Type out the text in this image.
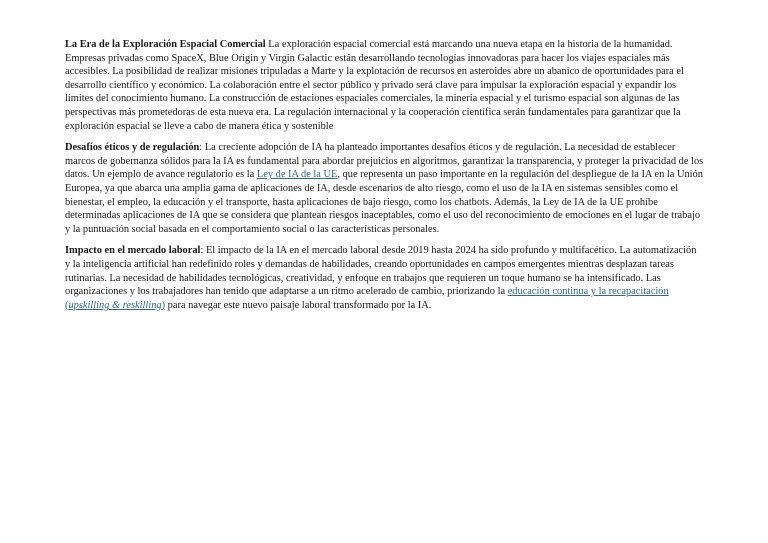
La Era de la Exploración Espacial Comercial La exploración espacial comercial está marcando una nueva etapa en la historia de la humanidad. Empresas privadas como SpaceX, Blue Origin y Virgin Galactic están desarrollando tecnologías innovadoras para hacer los viajes espaciales más accesibles. La posibilidad de realizar misiones tripuladas a Marte y la explotación de recursos en asteroides abre un abanico de oportunidades para el desarrollo científico y económico. La colaboración entre el sector público y privado será clave para impulsar la exploración espacial y expandir los límites del conocimiento humano. La construcción de estaciones espaciales comerciales, la minería espacial y el turismo espacial son algunas de las perspectivas más prometedoras de esta nueva era. La regulación internacional y la cooperación científica serán fundamentales para garantizar que la exploración espacial se lleve a cabo de manera ética y sostenible

Desafíos éticos y de regulación: La creciente adopción de IA ha planteado importantes desafíos éticos y de regulación. La necesidad de establecer marcos de gobernanza sólidos para la IA es fundamental para abordar prejuicios en algoritmos, garantizar la transparencia, y proteger la privacidad de los datos. Un ejemplo de avance regulatorio es la Ley de IA de la UE, que representa un paso importante en la regulación del despliegue de la IA en la Unión Europea, ya que abarca una amplia gama de aplicaciones de IA, desde escenarios de alto riesgo, como el uso de la IA en sistemas sensibles como el bienestar, el empleo, la educación y el transporte, hasta aplicaciones de bajo riesgo, como los chatbots. Además, la Ley de IA de la UE prohíbe determinadas aplicaciones de IA que se considera que plantean riesgos inaceptables, como el uso del reconocimiento de emociones en el lugar de trabajo y la puntuación social basada en el comportamiento social o las características personales.

Impacto en el mercado laboral: El impacto de la IA en el mercado laboral desde 2019 hasta 2024 ha sido profundo y multifacético. La automatización y la inteligencia artificial han redefinido roles y demandas de habilidades, creando oportunidades en campos emergentes mientras desplazan tareas rutinarias. La necesidad de habilidades tecnológicas, creatividad, y enfoque en trabajos que requieren un toque humano se ha intensificado. Las organizaciones y los trabajadores han tenido que adaptarse a un ritmo acelerado de cambio, priorizando la educación continua y la recapacitación (upskilling & reskilling) para navegar este nuevo paisaje laboral transformado por la IA.
